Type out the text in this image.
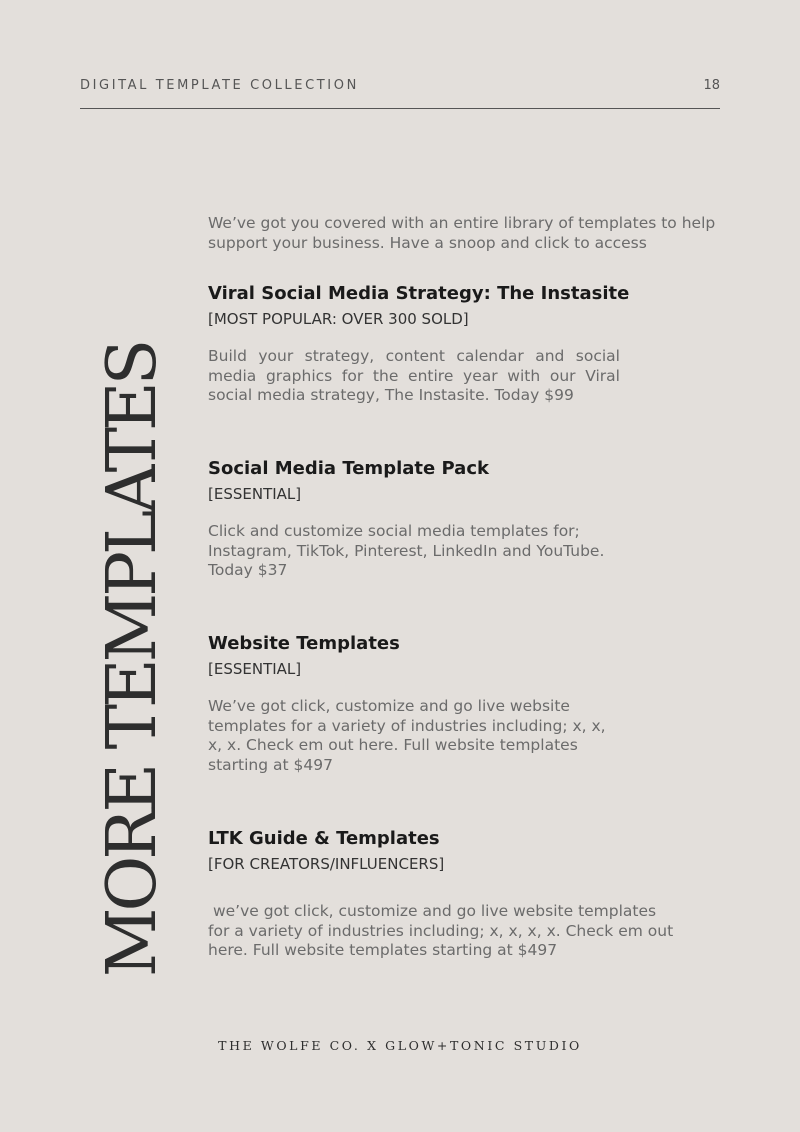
DIGITAL TEMPLATE COLLECTION	18
MORE TEMPLATES
We’ve got you covered with an entire library of templates to help support your business. Have a snoop and click to access
Viral Social Media Strategy: The Instasite
[MOST POPULAR: OVER 300 SOLD]
Build your strategy, content calendar and social media graphics for the entire year with our Viral social media strategy, The Instasite. Today $99
Social Media Template Pack
[ESSENTIAL]
Click and customize social media templates for; Instagram, TikTok, Pinterest, LinkedIn and YouTube. Today $37
Website Templates
[ESSENTIAL]
We’ve got click, customize and go live website templates for a variety of industries including; x, x, x, x. Check em out here. Full website templates starting at $497
LTK Guide & Templates
[FOR CREATORS/INFLUENCERS]
we’ve got click, customize and go live website templates for a variety of industries including; x, x, x, x. Check em out here. Full website templates starting at $497
THE WOLFE CO. X GLOW+TONIC STUDIO
